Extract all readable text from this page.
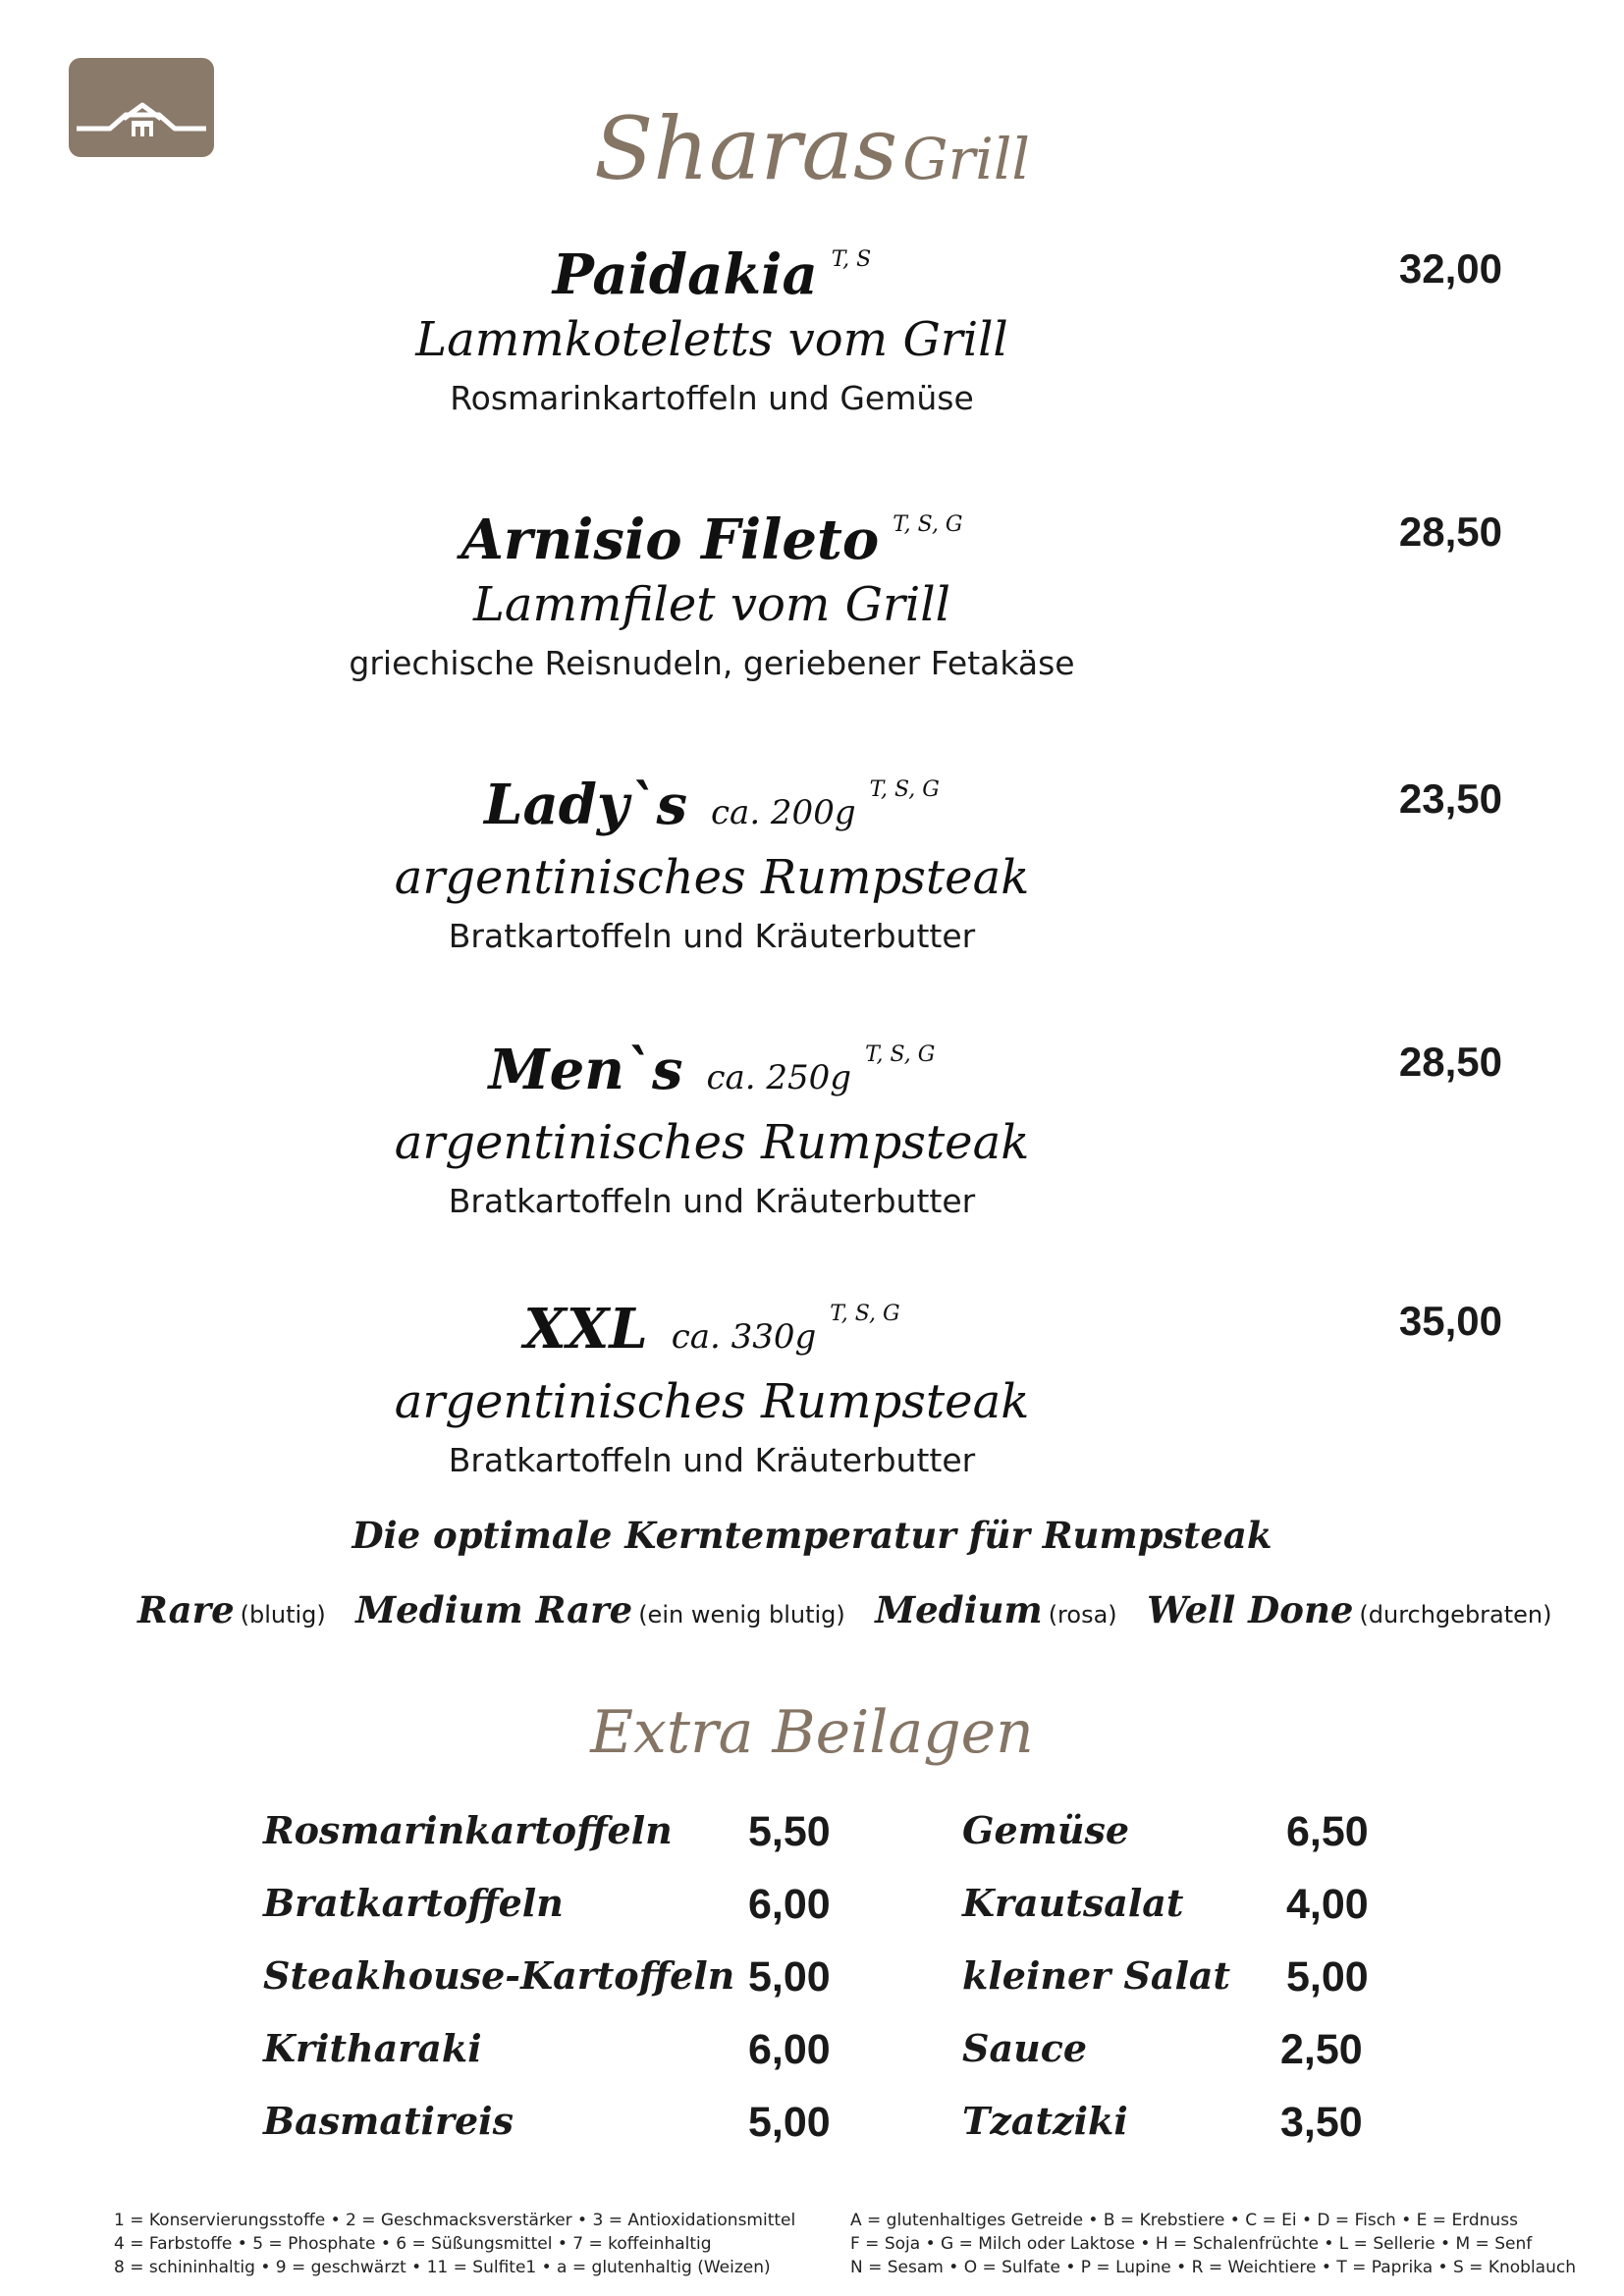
Sharas Grill
Paidakia $^{T, S}$
Lammkoteletts vom Grill
Rosmarinkartoffeln und Gemüse
32,00
Arnisio Fileto $^{T, S, G}$
Lammfilet vom Grill
griechische Reisnudeln, geriebener Fetakäse
28,50
Lady`s ca. $200g^{T, S, G}$
argentinisches Rumpsteak
Bratkartoffeln und Kräuterbutter
23,50
Men`s ca. $250g^{T, S, G}$
argentinisches Rumpsteak
Bratkartoffeln und Kräuterbutter
28,50
XXL ca. $330g^{T, S, G}$
argentinisches Rumpsteak
Bratkartoffeln und Kräuterbutter
35,00
Die optimale Kerntemperatur für Rumpsteak
Rare (blutig) Medium Rare (ein wenig blutig) Medium (rosa) Well Done (durchgebraten)
Extra Beilagen
Rosmarinkartoffeln 5,50
Bratkartoffeln	6,00
Steakhouse-Kartoffeln 5,00
Kritharaki	6,00
Basmatireis	5,00
Gemüse	6,50
Krautsalat 4,00
kleiner Salat 5,00
Sauce	2,50
Tzatziki	3,50
1 = Konservierungsstoffe • 2 = Geschmacksverstärker • 3 = Antioxidationsmittel
4 = Farbstoffe • 5 = Phosphate • 6 = Süßungsmittel • 7 = koffeinhaltig
8 = schininhaltig • 9 = geschwärzt • 11 = Sulfite1 • a = glutenhaltig (Weizen)
A = glutenhaltiges Getreide • B = Krebstiere • C = Ei • D = Fisch • E = Erdnuss
F = Soja • G = Milch oder Laktose • H = Schalenfrüchte • L = Sellerie • M = Senf
N = Sesam • O = Sulfate • P = Lupine • R = Weichtiere • T = Paprika • S = Knoblauch
